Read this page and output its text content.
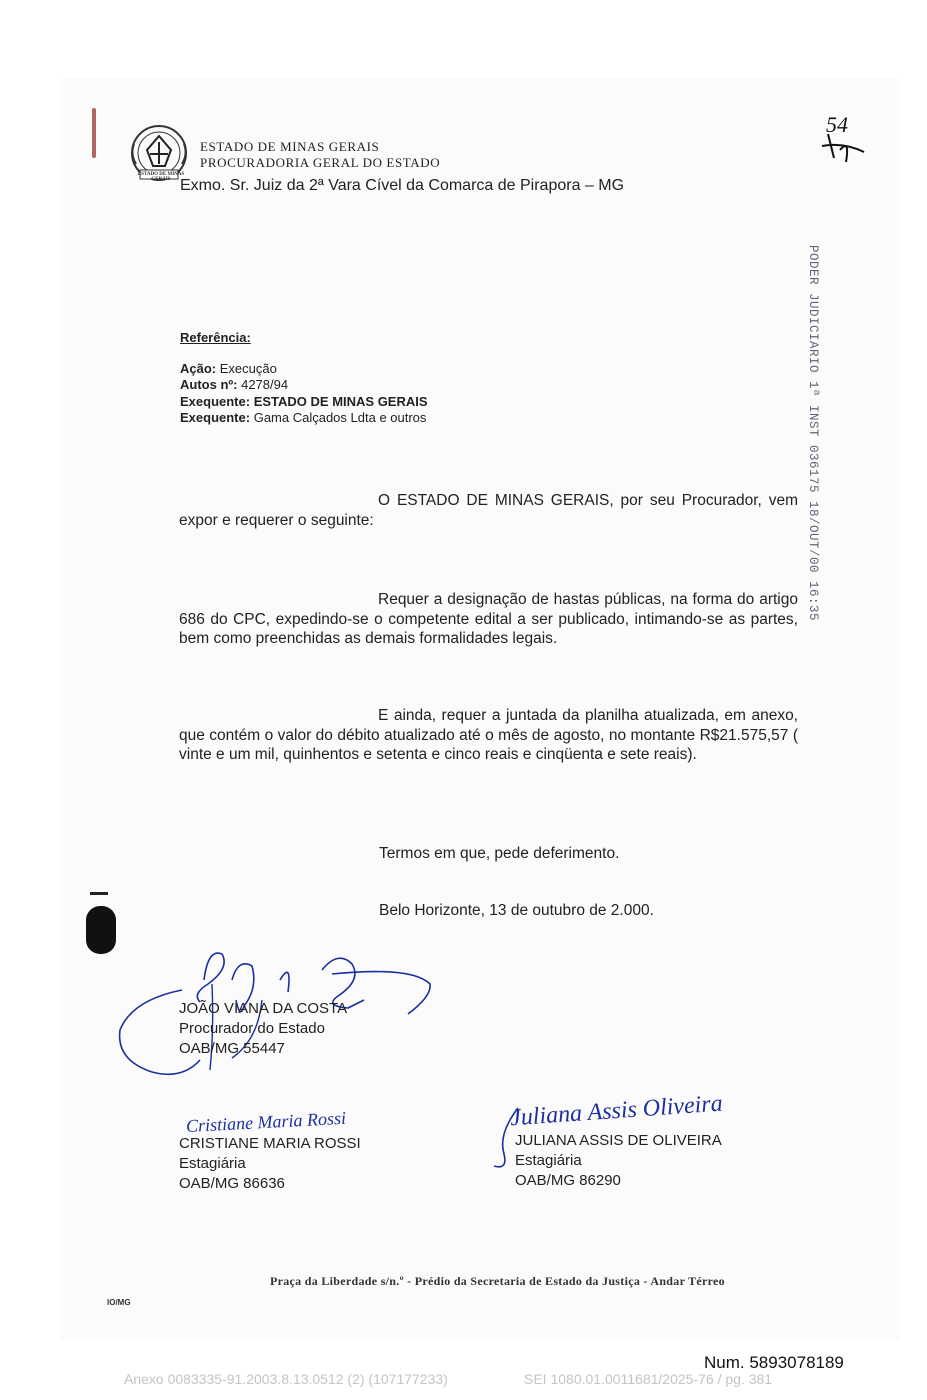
ESTADO DE MINAS GERAIS
ESTADO DE MINAS GERAIS
PROCURADORIA GERAL DO ESTADO
54
Exmo. Sr. Juiz da 2ª Vara Cível da Comarca de Pirapora – MG
PODER JUDICIARIO 1ª INST 036175 18/OUT/00 16:35
Referência:
Ação: Execução
Autos nº: 4278/94
Exequente: ESTADO DE MINAS GERAIS
Exequente: Gama Calçados Ldta e outros
O ESTADO DE MINAS GERAIS, por seu Procurador, vem expor e requerer o seguinte:
Requer a designação de hastas públicas, na forma do artigo 686 do CPC, expedindo-se o competente edital a ser publicado, intimando-se as partes, bem como preenchidas as demais formalidades legais.
E ainda, requer a juntada da planilha atualizada, em anexo, que contém o valor do débito atualizado até o mês de agosto, no montante R$21.575,57 ( vinte e um mil, quinhentos e setenta e cinco reais e cinqüenta e sete reais).
Termos em que, pede deferimento.
Belo Horizonte, 13 de outubro de 2.000.
JOÃO VIANA DA COSTA
Procurador do Estado
OAB/MG 55447
Cristiane Maria Rossi
CRISTIANE MARIA ROSSI
Estagiária
OAB/MG 86636
Juliana Assis Oliveira
JULIANA ASSIS DE OLIVEIRA
Estagiária
OAB/MG 86290
Praça da Liberdade s/n.º - Prédio da Secretaria de Estado da Justiça - Andar Térreo
IO/MG
Num. 5893078189
Anexo 0083335-91.2003.8.13.0512 (2) (107177233)	SEI 1080.01.0011681/2025-76 / pg. 381
